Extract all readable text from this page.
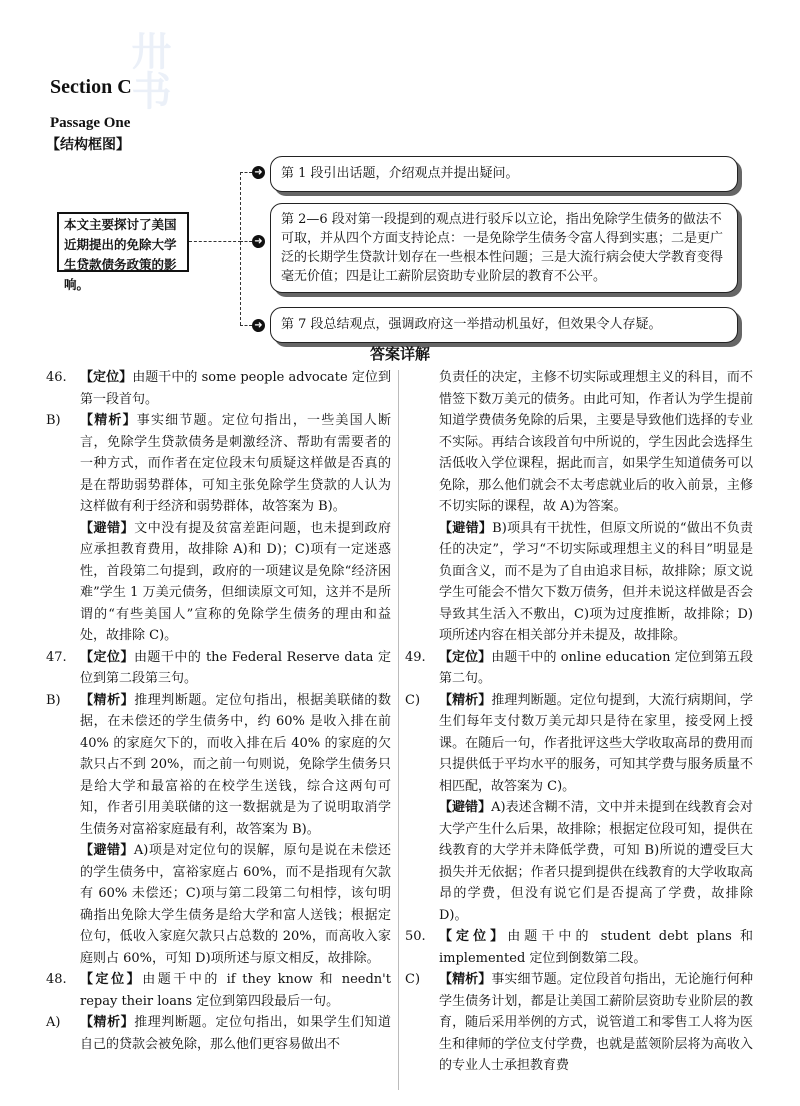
卅书
Section C
Passage One
【结构框图】
本文主要探讨了美国近期提出的免除大学生贷款债务政策的影响。
➜
➜
➜
第 1 段引出话题，介绍观点并提出疑问。
第 2—6 段对第一段提到的观点进行驳斥以立论，指出免除学生债务的做法不可取，并从四个方面支持论点：一是免除学生债务令富人得到实惠；二是更广泛的长期学生贷款计划存在一些根本性问题；三是大流行病会使大学教育变得毫无价值；四是让工薪阶层资助专业阶层的教育不公平。
第 7 段总结观点，强调政府这一举措动机虽好，但效果令人存疑。
答案详解
46.	【定位】由题干中的 some people advocate 定位到第一段首句。
B)	【精析】事实细节题。定位句指出，一些美国人断言，免除学生贷款债务是刺激经济、帮助有需要者的一种方式，而作者在定位段末句质疑这样做是否真的是在帮助弱势群体，可知主张免除学生贷款的人认为这样做有利于经济和弱势群体，故答案为 B)。
【避错】文中没有提及贫富差距问题，也未提到政府应承担教育费用，故排除 A)和 D)；C)项有一定迷惑性，首段第二句提到，政府的一项建议是免除“经济困难”学生 1 万美元债务，但细读原文可知，这并不是所谓的“有些美国人”宣称的免除学生债务的理由和益处，故排除 C)。
47.	【定位】由题干中的 the Federal Reserve data 定位到第二段第三句。
B)	【精析】推理判断题。定位句指出，根据美联储的数据，在未偿还的学生债务中，约 60% 是收入排在前 40% 的家庭欠下的，而收入排在后 40% 的家庭的欠款只占不到 20%，而之前一句则说，免除学生债务只是给大学和最富裕的在校学生送钱，综合这两句可知，作者引用美联储的这一数据就是为了说明取消学生债务对富裕家庭最有利，故答案为 B)。
【避错】A)项是对定位句的误解，原句是说在未偿还的学生债务中，富裕家庭占 60%，而不是指现有欠款有 60% 未偿还；C)项与第二段第二句相悖，该句明确指出免除大学生债务是给大学和富人送钱；根据定位句，低收入家庭欠款只占总数的 20%，而高收入家庭则占 60%，可知 D)项所述与原文相反，故排除。
48.	【定位】由题干中的 if they know 和 needn't repay their loans 定位到第四段最后一句。
A)	【精析】推理判断题。定位句指出，如果学生们知道自己的贷款会被免除，那么他们更容易做出不
负责任的决定，主修不切实际或理想主义的科目，而不惜签下数万美元的债务。由此可知，作者认为学生提前知道学费债务免除的后果，主要是导致他们选择的专业不实际。再结合该段首句中所说的，学生因此会选择生活低收入学位课程，据此而言，如果学生知道债务可以免除，那么他们就会不太考虑就业后的收入前景，主修不切实际的课程，故 A)为答案。
【避错】B)项具有干扰性，但原文所说的“做出不负责任的决定”，学习“不切实际或理想主义的科目”明显是负面含义，而不是为了自由追求目标，故排除；原文说学生可能会不惜欠下数万债务，但并未说这样做是否会导致其生活入不敷出，C)项为过度推断，故排除；D)项所述内容在相关部分并未提及，故排除。
49.	【定位】由题干中的 online education 定位到第五段第二句。
C)	【精析】推理判断题。定位句提到，大流行病期间，学生们每年支付数万美元却只是待在家里，接受网上授课。在随后一句，作者批评这些大学收取高昂的费用而只提供低于平均水平的服务，可知其学费与服务质量不相匹配，故答案为 C)。
【避错】A)表述含糊不清，文中并未提到在线教育会对大学产生什么后果，故排除；根据定位段可知，提供在线教育的大学并未降低学费，可知 B)所说的遭受巨大损失并无依据；作者只提到提供在线教育的大学收取高昂的学费，但没有说它们是否提高了学费，故排除 D)。
50.	【定位】由题干中的 student debt plans 和 implemented 定位到倒数第二段。
C)	【精析】事实细节题。定位段首句指出，无论施行何种学生债务计划，都是让美国工薪阶层资助专业阶层的教育，随后采用举例的方式，说管道工和零售工人将为医生和律师的学位支付学费，也就是蓝领阶层将为高收入的专业人士承担教育费
